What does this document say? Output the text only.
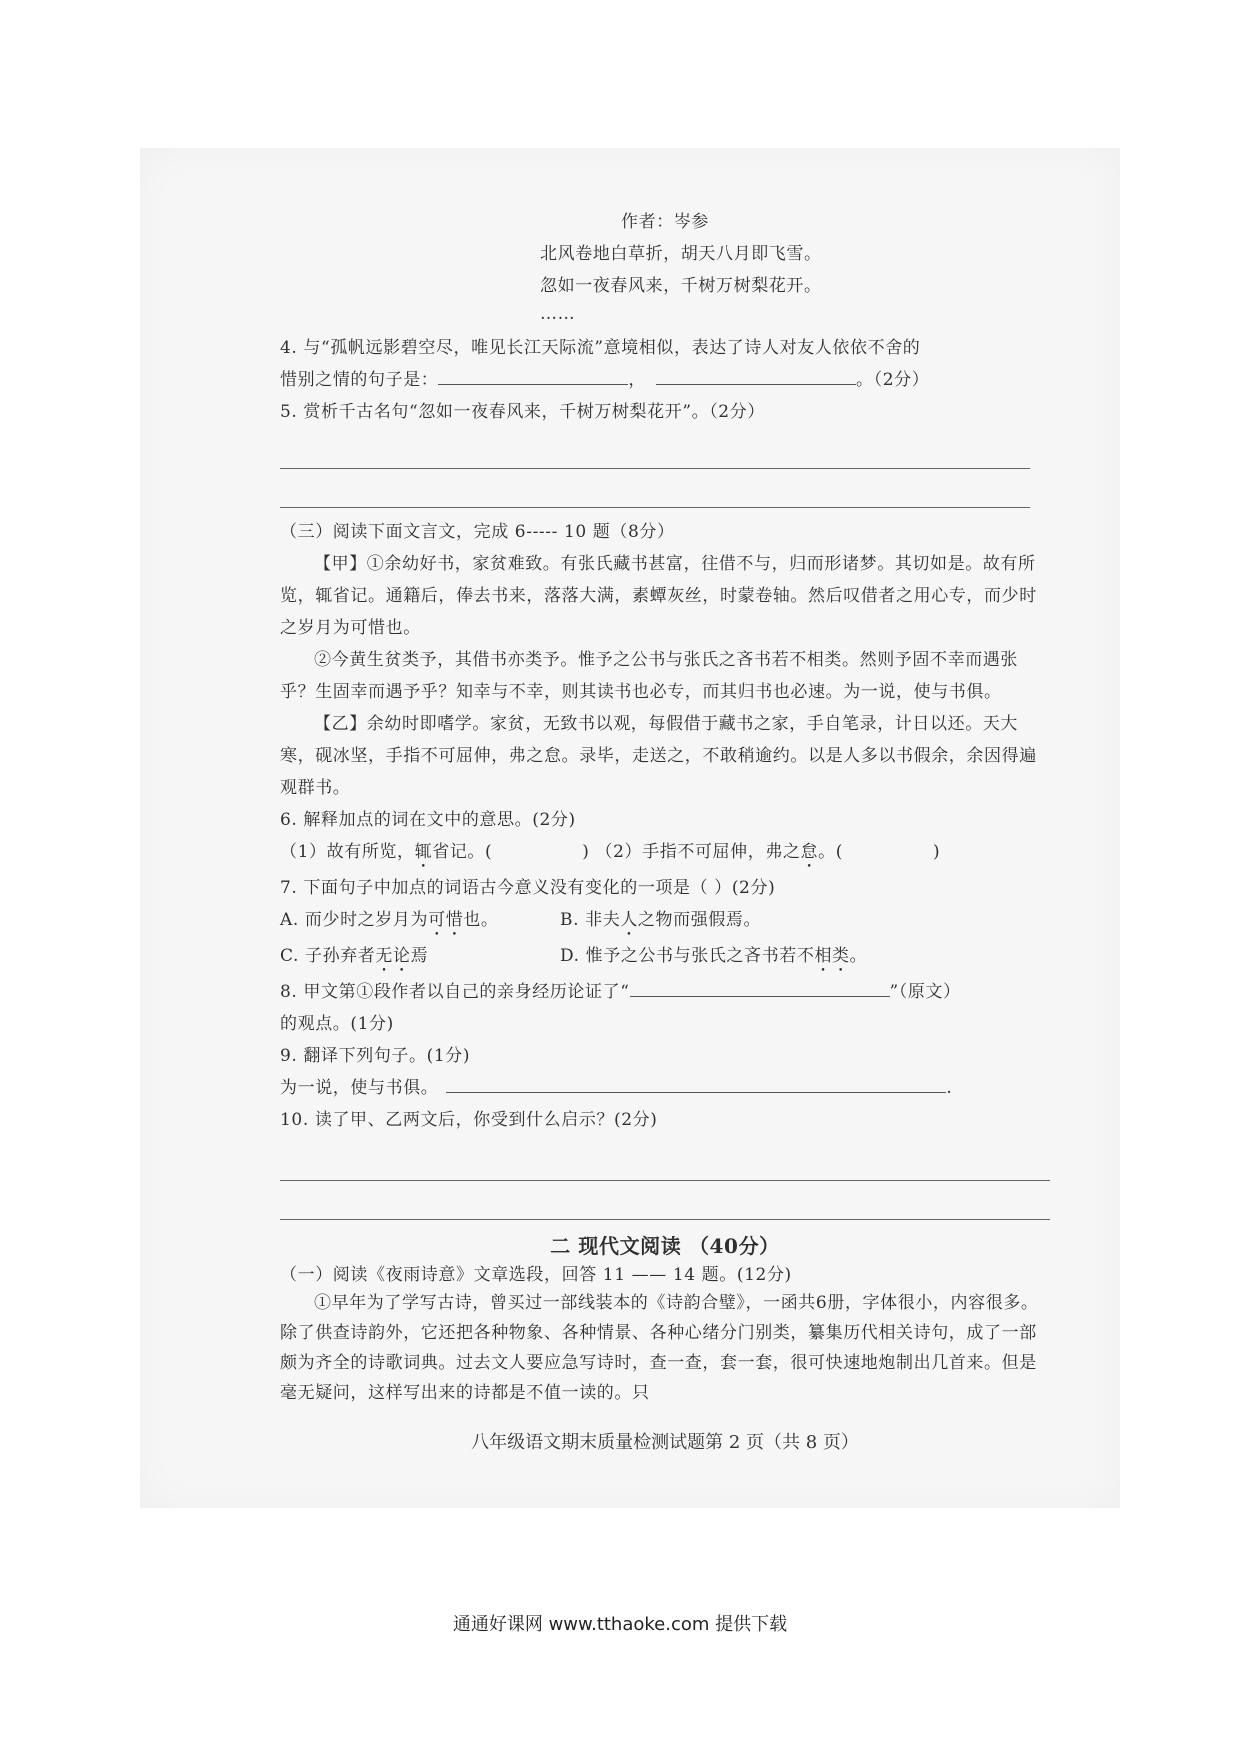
作者：岑参
北风卷地白草折，胡天八月即飞雪。
忽如一夜春风来，千树万树梨花开。
……

4. 与“孤帆远影碧空尽，唯见长江天际流”意境相似，表达了诗人对友人依依不舍的
惜别之情的句子是：	，	。（2分）

5. 赏析千古名句“忽如一夜春风来，千树万树梨花开”。（2分）

（三）阅读下面文言文，完成 6----- 10 题（8分）

【甲】①余幼好书，家贫难致。有张氏藏书甚富，往借不与，归而形诸梦。其切如是。故有所览，辄省记。通籍后，俸去书来，落落大满，素蟫灰丝，时蒙卷轴。然后叹借者之用心专，而少时之岁月为可惜也。

②今黄生贫类予，其借书亦类予。惟予之公书与张氏之吝书若不相类。然则予固不幸而遇张乎？生固幸而遇予乎？知幸与不幸，则其读书也必专，而其归书也必速。为一说，使与书俱。

【乙】余幼时即嗜学。家贫，无致书以观，每假借于藏书之家，手自笔录，计日以还。天大寒，砚冰坚，手指不可屈伸，弗之怠。录毕，走送之，不敢稍逾约。以是人多以书假余，余因得遍观群书。

6. 解释加点的词在文中的意思。(2分)

（1）故有所览，辄省记。(	) （2）手指不可屈伸，弗之怠。(	)

7. 下面句子中加点的词语古今意义没有变化的一项是（ ）(2分)

A. 而少时之岁月为可惜也。	B. 非夫人之物而强假焉。
C. 子孙弃者无论焉	D. 惟予之公书与张氏之吝书若不相类。

8. 甲文第①段作者以自己的亲身经历论证了“	”（原文）
的观点。(1分)

9. 翻译下列句子。(1分)

为一说，使与书俱。	.

10. 读了甲、乙两文后，你受到什么启示？(2分)

二 现代文阅读 （40分）

（一）阅读《夜雨诗意》文章选段，回答 11 —— 14 题。(12分)

①早年为了学写古诗，曾买过一部线装本的《诗韵合璧》，一函共6册，字体很小，内容很多。除了供查诗韵外，它还把各种物象、各种情景、各种心绪分门别类，纂集历代相关诗句，成了一部颇为齐全的诗歌词典。过去文人要应急写诗时，查一查，套一套，很可快速地炮制出几首来。但是毫无疑问，这样写出来的诗都是不值一读的。只

八年级语文期末质量检测试题第 2 页（共 8 页）
通通好课网 www.tthaoke.com 提供下载
